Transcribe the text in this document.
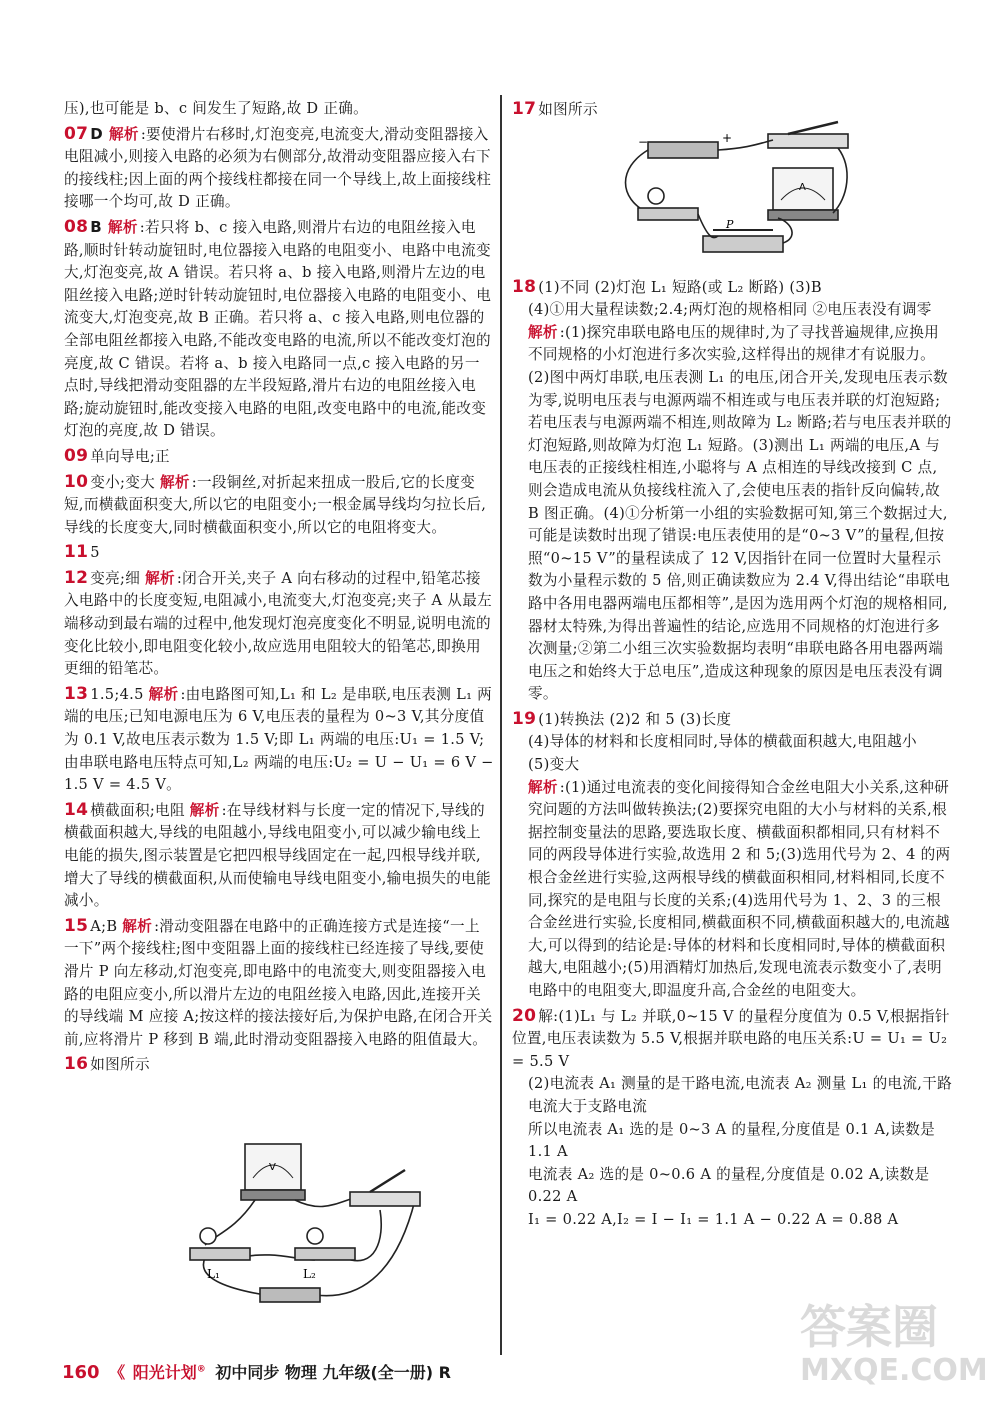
压),也可能是 b、c 间发生了短路,故 D 正确。
07 D 解析 :要使滑片右移时,灯泡变亮,电流变大,滑动变阻器接入电阻减小,则接入电路的必须为右侧部分,故滑动变阻器应接入右下的接线柱;因上面的两个接线柱都接在同一个导线上,故上面接线柱接哪一个均可,故 D 正确。
08 B 解析 :若只将 b、c 接入电路,则滑片右边的电阻丝接入电路,顺时针转动旋钮时,电位器接入电路的电阻变小、电路中电流变大,灯泡变亮,故 A 错误。若只将 a、b 接入电路,则滑片左边的电阻丝接入电路;逆时针转动旋钮时,电位器接入电路的电阻变小、电流变大,灯泡变亮,故 B 正确。若只将 a、c 接入电路,则电位器的全部电阻丝都接入电路,不能改变电路的电流,所以不能改变灯泡的亮度,故 C 错误。若将 a、b 接入电路同一点,c 接入电路的另一点时,导线把滑动变阻器的左半段短路,滑片右边的电阻丝接入电路;旋动旋钮时,能改变接入电路的电阻,改变电路中的电流,能改变灯泡的亮度,故 D 错误。
09 单向导电;正
10 变小;变大 解析 :一段铜丝,对折起来扭成一股后,它的长度变短,而横截面积变大,所以它的电阻变小;一根金属导线均匀拉长后,导线的长度变大,同时横截面积变小,所以它的电阻将变大。
11 5
12 变亮;细 解析 :闭合开关,夹子 A 向右移动的过程中,铅笔芯接入电路中的长度变短,电阻减小,电流变大,灯泡变亮;夹子 A 从最左端移动到最右端的过程中,他发现灯泡亮度变化不明显,说明电流的变化比较小,即电阻变化较小,故应选用电阻较大的铅笔芯,即换用更细的铅笔芯。
13 1.5;4.5 解析 :由电路图可知,L₁ 和 L₂ 是串联,电压表测 L₁ 两端的电压;已知电源电压为 6 V,电压表的量程为 0~3 V,其分度值为 0.1 V,故电压表示数为 1.5 V;即 L₁ 两端的电压:U₁ = 1.5 V;由串联电路电压特点可知,L₂ 两端的电压:U₂ = U − U₁ = 6 V − 1.5 V = 4.5 V。
14 横截面积;电阻 解析 :在导线材料与长度一定的情况下,导线的横截面积越大,导线的电阻越小,导线电阻变小,可以减少输电线上电能的损失,图示装置是它把四根导线固定在一起,四根导线并联,增大了导线的横截面积,从而使输电导线电阻变小,输电损失的电能减小。
15 A;B 解析 :滑动变阻器在电路中的正确连接方式是连接“一上一下”两个接线柱;图中变阻器上面的接线柱已经连接了导线,要使滑片 P 向左移动,灯泡变亮,即电路中的电流变大,则变阻器接入电路的电阻应变小,所以滑片左边的电阻丝接入电路,因此,连接开关的导线端 M 应接 A;按这样的接法接好后,为保护电路,在闭合开关前,应将滑片 P 移到 B 端,此时滑动变阻器接入电路的阻值最大。
16 如图所示
17 如图所示
18 (1)不同 (2)灯泡 L₁ 短路(或 L₂ 断路) (3)B
(4)①用大量程读数;2.4;两灯泡的规格相同 ②电压表没有调零
解析 :(1)探究串联电路电压的规律时,为了寻找普遍规律,应换用不同规格的小灯泡进行多次实验,这样得出的规律才有说服力。(2)图中两灯串联,电压表测 L₁ 的电压,闭合开关,发现电压表示数为零,说明电压表与电源两端不相连或与电压表并联的灯泡短路;若电压表与电源两端不相连,则故障为 L₂ 断路;若与电压表并联的灯泡短路,则故障为灯泡 L₁ 短路。(3)测出 L₁ 两端的电压,A 与电压表的正接线柱相连,小聪将与 A 点相连的导线改接到 C 点,则会造成电流从负接线柱流入了,会使电压表的指针反向偏转,故 B 图正确。(4)①分析第一小组的实验数据可知,第三个数据过大,可能是读数时出现了错误:电压表使用的是“0~3 V”的量程,但按照“0~15 V”的量程读成了 12 V,因指针在同一位置时大量程示数为小量程示数的 5 倍,则正确读数应为 2.4 V,得出结论“串联电路中各用电器两端电压都相等”,是因为选用两个灯泡的规格相同,器材太特殊,为得出普遍性的结论,应选用不同规格的灯泡进行多次测量;②第二小组三次实验数据均表明“串联电路各用电器两端电压之和始终大于总电压”,造成这种现象的原因是电压表没有调零。
19 (1)转换法 (2)2 和 5 (3)长度
(4)导体的材料和长度相同时,导体的横截面积越大,电阻越小
(5)变大
解析 :(1)通过电流表的变化间接得知合金丝电阻大小关系,这种研究问题的方法叫做转换法;(2)要探究电阻的大小与材料的关系,根据控制变量法的思路,要选取长度、横截面积都相同,只有材料不同的两段导体进行实验,故选用 2 和 5;(3)选用代号为 2、4 的两根合金丝进行实验,这两根导线的横截面积相同,材料相同,长度不同,探究的是电阻与长度的关系;(4)选用代号为 1、2、3 的三根合金丝进行实验,长度相同,横截面积不同,横截面积越大的,电流越大,可以得到的结论是:导体的材料和长度相同时,导体的横截面积越大,电阻越小;(5)用酒精灯加热后,发现电流表示数变小了,表明电路中的电阻变大,即温度升高,合金丝的电阻变大。
20 解:(1)L₁ 与 L₂ 并联,0~15 V 的量程分度值为 0.5 V,根据指针位置,电压表读数为 5.5 V,根据并联电路的电压关系:U = U₁ = U₂ = 5.5 V
(2)电流表 A₁ 测量的是干路电流,电流表 A₂ 测量 L₁ 的电流,干路电流大于支路电流
所以电流表 A₁ 选的是 0~3 A 的量程,分度值是 0.1 A,读数是 1.1 A
电流表 A₂ 选的是 0~0.6 A 的量程,分度值是 0.02 A,读数是 0.22 A
I₁ = 0.22 A,I₂ = I − I₁ = 1.1 A − 0.22 A = 0.88 A
V
L₁	L₂
−	+
P
A
160 《 阳光计划® 初中同步 物理 九年级(全一册) R
答案圈
MXQE.COM
